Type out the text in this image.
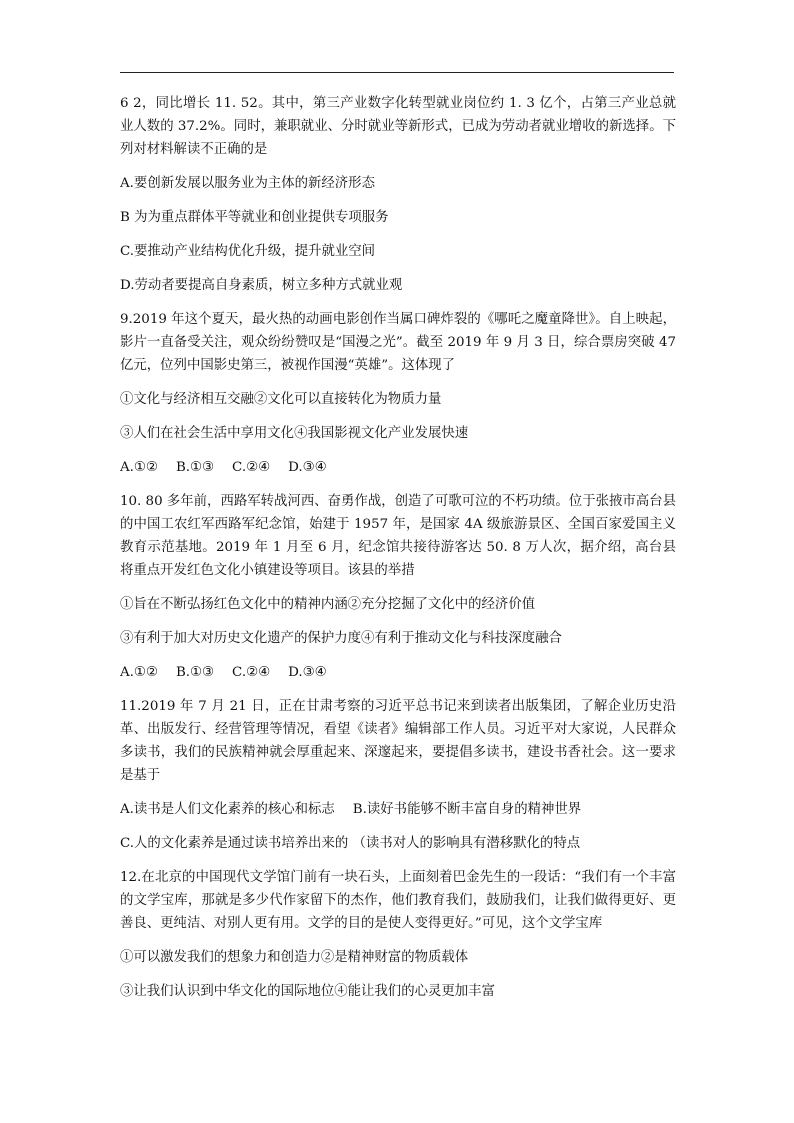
6 2，同比增长 11. 52。其中，第三产业数字化转型就业岗位约 1. 3 亿个，占第三产业总就业人数的 37.2%。同时，兼职就业、分时就业等新形式，已成为劳动者就业增收的新选择。下列对材料解读不正确的是

A.要创新发展以服务业为主体的新经济形态

B 为为重点群体平等就业和创业提供专项服务

C.要推动产业结构优化升级，提升就业空间

D.劳动者要提高自身素质，树立多种方式就业观

9.2019 年这个夏天，最火热的动画电影创作当属口碑炸裂的《哪吒之魔童降世》。自上映起，影片一直备受关注，观众纷纷赞叹是“国漫之光”。截至 2019 年 9 月 3 日，综合票房突破 47 亿元，位列中国影史第三，被视作国漫“英雄”。这体现了

①文化与经济相互交融②文化可以直接转化为物质力量

③人们在社会生活中享用文化④我国影视文化产业发展快速

A.①② B.①③ C.②④ D.③④

10. 80 多年前，西路军转战河西、奋勇作战，创造了可歌可泣的不朽功绩。位于张掖市高台县的中国工农红军西路军纪念馆，始建于 1957 年，是国家 4A 级旅游景区、全国百家爱国主义教育示范基地。2019 年 1 月至 6 月，纪念馆共接待游客达 50. 8 万人次，据介绍，高台县将重点开发红色文化小镇建设等项目。该县的举措

①旨在不断弘扬红色文化中的精神内涵②充分挖掘了文化中的经济价值

③有利于加大对历史文化遗产的保护力度④有利于推动文化与科技深度融合

A.①② B.①③ C.②④ D.③④

11.2019 年 7 月 21 日，正在甘肃考察的习近平总书记来到读者出版集团，了解企业历史沿革、出版发行、经营管理等情况，看望《读者》编辑部工作人员。习近平对大家说，人民群众多读书，我们的民族精神就会厚重起来、深邃起来，要提倡多读书，建设书香社会。这一要求是基于

A.读书是人们文化素养的核心和标志 B.读好书能够不断丰富自身的精神世界

C.人的文化素养是通过读书培养出来的 （读书对人的影响具有潜移默化的特点

12.在北京的中国现代文学馆门前有一块石头，上面刻着巴金先生的一段话：“我们有一个丰富的文学宝库，那就是多少代作家留下的杰作，他们教育我们，鼓励我们，让我们做得更好、更善良、更纯洁、对别人更有用。文学的目的是使人变得更好。”可见，这个文学宝库

①可以激发我们的想象力和创造力②是精神财富的物质载体

③让我们认识到中华文化的国际地位④能让我们的心灵更加丰富
